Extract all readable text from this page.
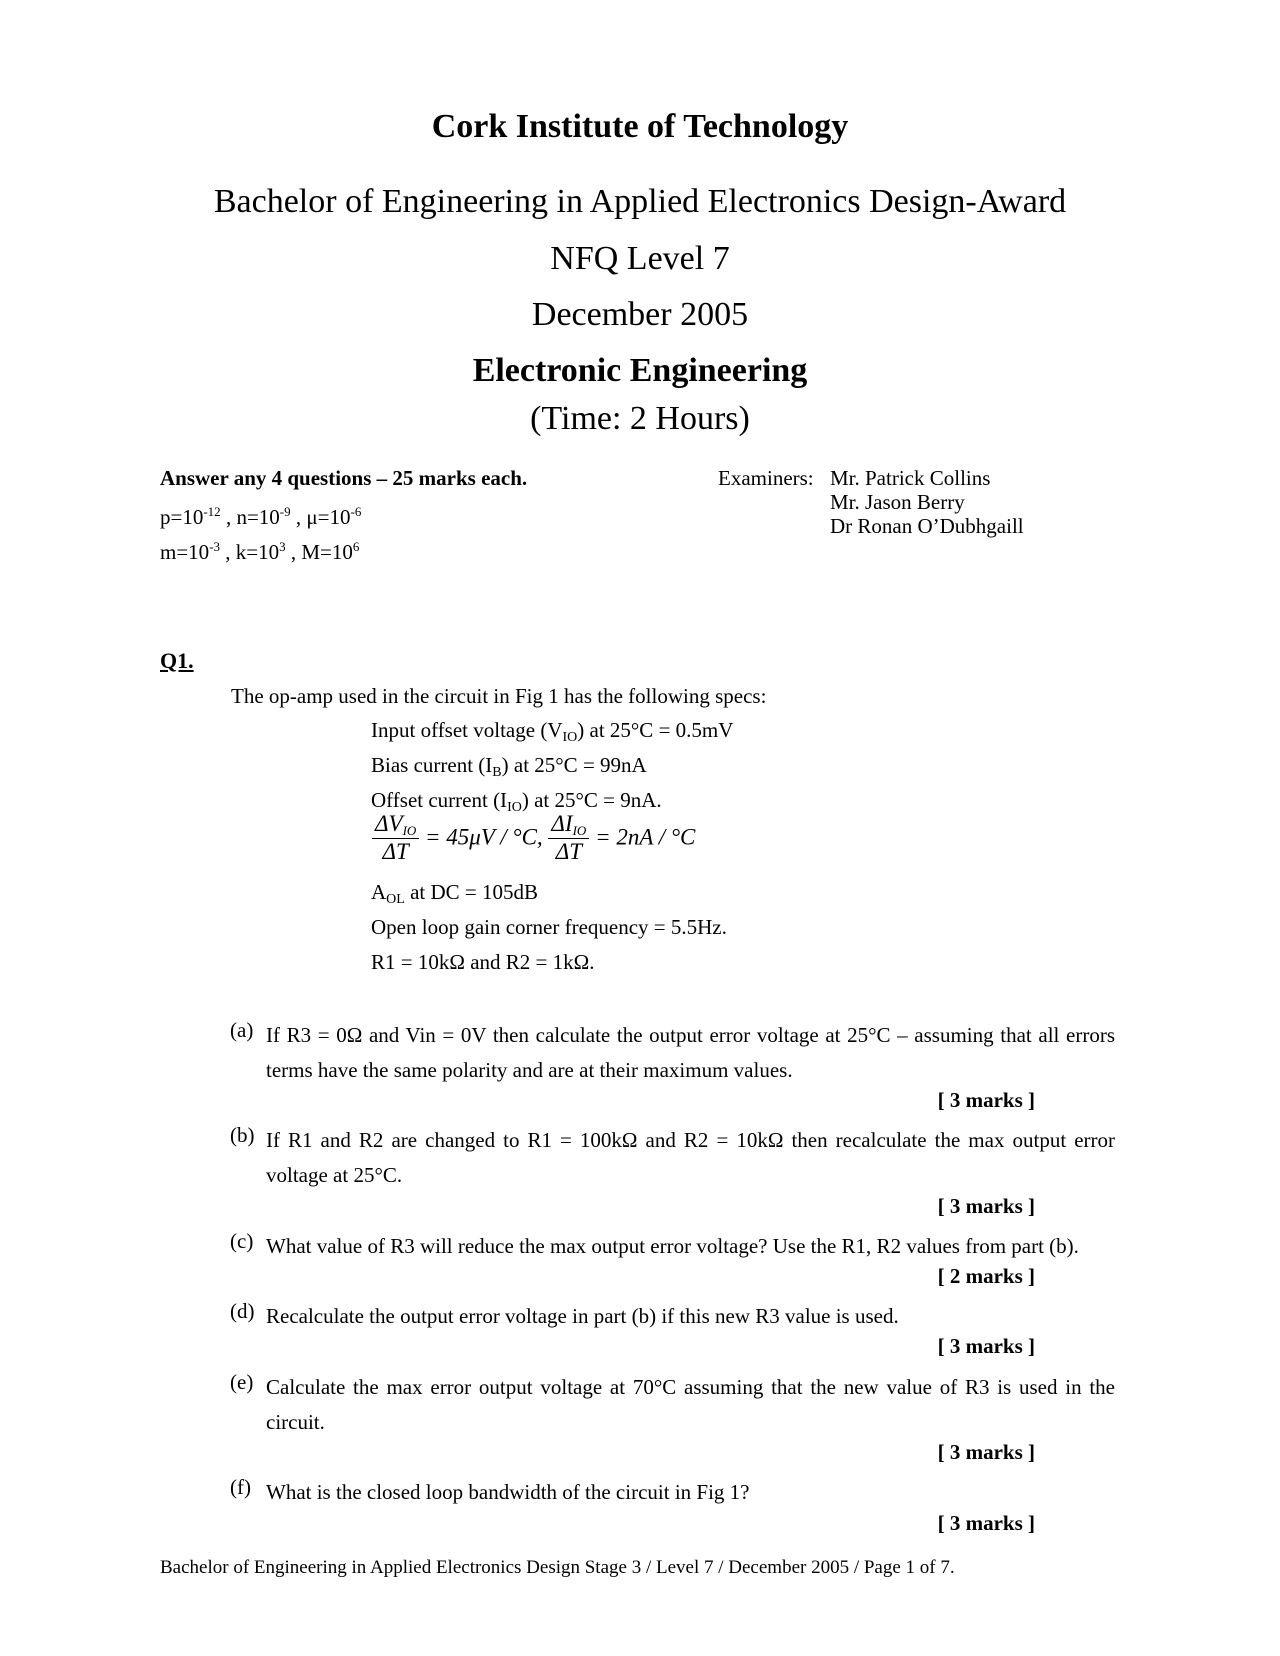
Cork Institute of Technology
Bachelor of Engineering in Applied Electronics Design-Award
NFQ Level 7
December 2005
Electronic Engineering
(Time: 2 Hours)
Answer any 4 questions – 25 marks each.
$p=10^{-12}$ , $n=10^{-9}$ , $\mu=10^{-6}$
$m=10^{-3}$ , $k=10^3$ , $M=10^6$
Examiners: Mr. Patrick Collins
Mr. Jason Berry
Dr Ronan O’Dubhgaill
Q1.
The op-amp used in the circuit in Fig 1 has the following specs:
Input offset voltage $(V_{IO})$ at 25°C = 0.5mV
Bias current $(I_B)$ at 25°C = 99nA
Offset current $(I_{IO})$ at 25°C = 9nA.
$\frac{\Delta V_{IO}}{\Delta T} = 45\mu V / ^\circ C$, $\frac{\Delta I_{IO}}{\Delta T} = 2nA / ^\circ C$
$A_{OL}$ at DC = 105dB
Open loop gain corner frequency = 5.5Hz.
R1 = 10kΩ and R2 = 1kΩ.
(a) If R3 = 0Ω and Vin = 0V then calculate the output error voltage at 25°C – assuming that all errors terms have the same polarity and are at their maximum values.
[ 3 marks ]
(b) If R1 and R2 are changed to R1 = 100kΩ and R2 = 10kΩ then recalculate the max output error voltage at 25°C.
[ 3 marks ]
(c) What value of R3 will reduce the max output error voltage? Use the R1, R2 values from part (b).
[ 2 marks ]
(d) Recalculate the output error voltage in part (b) if this new R3 value is used.
[ 3 marks ]
(e) Calculate the max error output voltage at 70°C assuming that the new value of R3 is used in the circuit.
[ 3 marks ]
(f) What is the closed loop bandwidth of the circuit in Fig 1?
[ 3 marks ]
Bachelor of Engineering in Applied Electronics Design Stage 3 / Level 7 / December 2005 / Page 1 of 7.
